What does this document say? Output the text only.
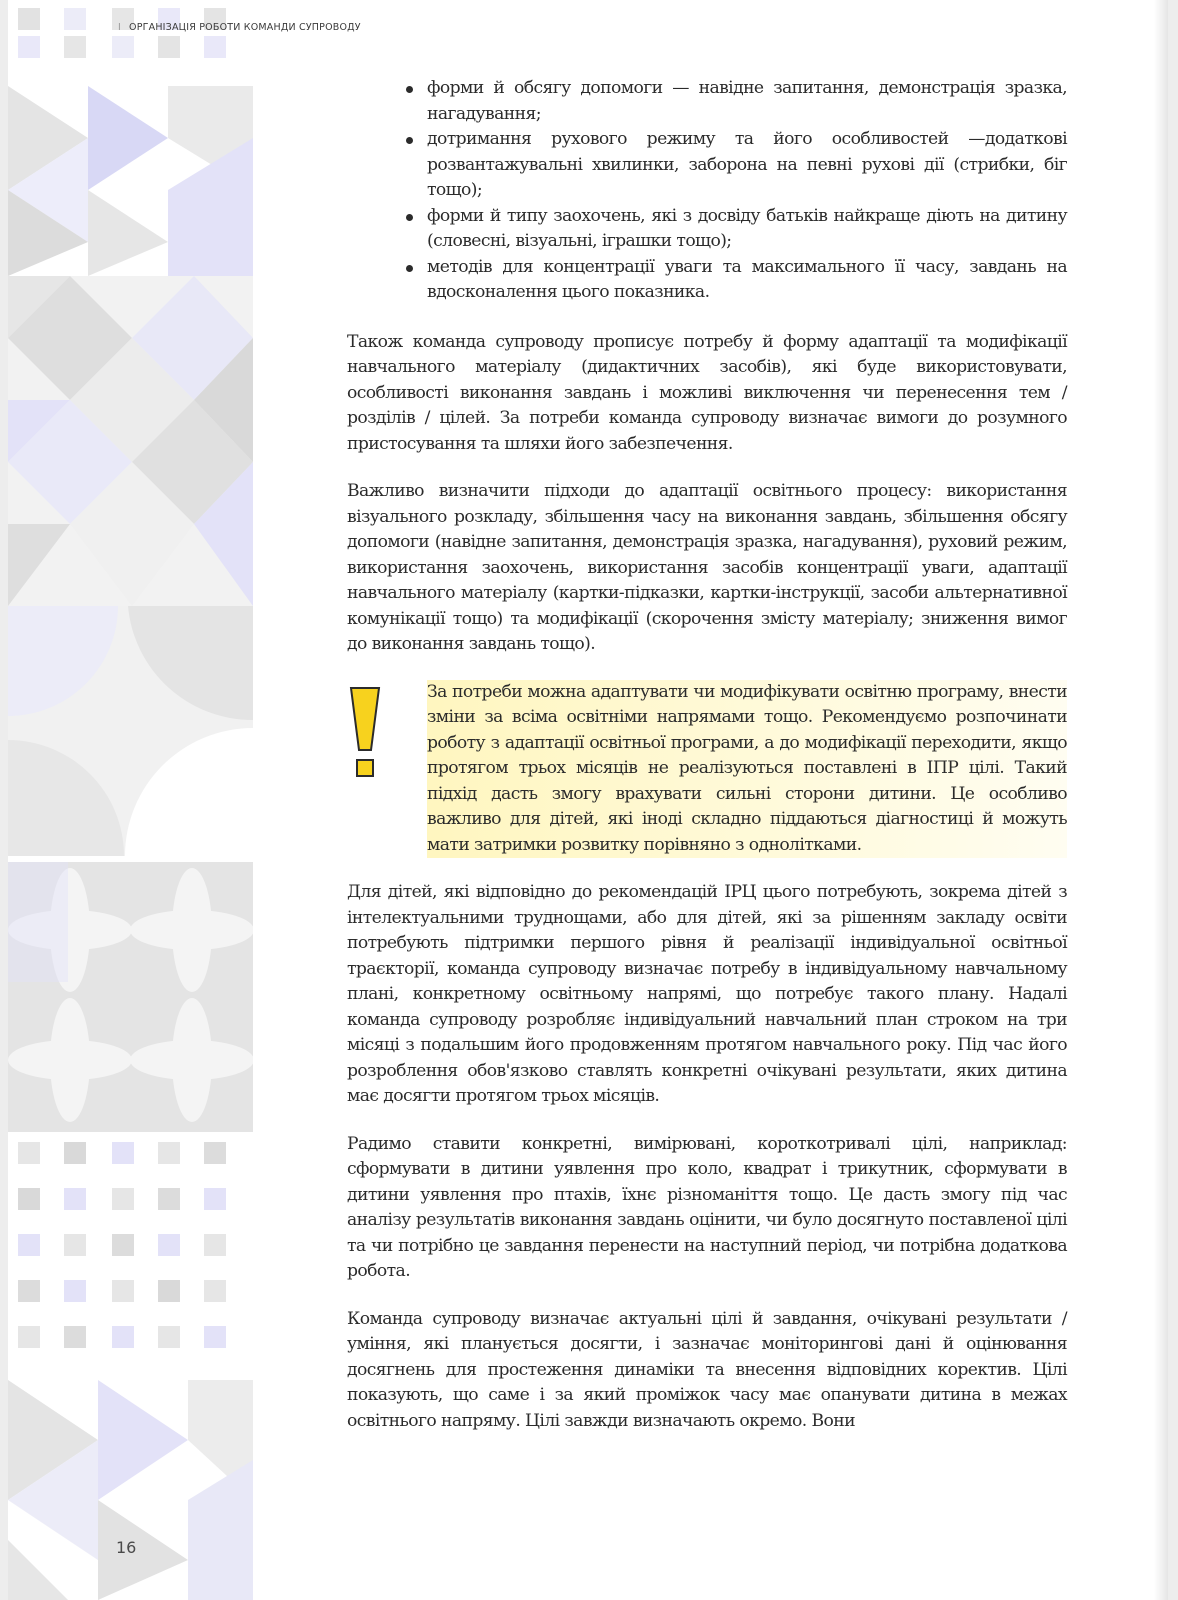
I ОРГАНІЗАЦІЯ РОБОТИ КОМАНДИ СУПРОВОДУ
форми й обсягу допомоги — навідне запитання, демонстрація зразка, нагадування;
дотримання рухового режиму та його особливостей —додаткові розвантажувальні хвилинки, заборона на певні рухові дії (стрибки, біг тощо);
форми й типу заохочень, які з досвіду батьків найкраще діють на дитину (словесні, візуальні, іграшки тощо);
методів для концентрації уваги та максимального її часу, завдань на вдосконалення цього показника.

Також команда супроводу прописує потребу й форму адаптації та модифікації навчального матеріалу (дидактичних засобів), які буде використовувати, особливості виконання завдань і можливі виключення чи перенесення тем / розділів / цілей. За потреби команда супроводу визначає вимоги до розумного пристосування та шляхи його забезпечення.

Важливо визначити підходи до адаптації освітнього процесу: використання візуального розкладу, збільшення часу на виконання завдань, збільшення обсягу допомоги (навідне запитання, демонстрація зразка, нагадування), руховий режим, використання заохочень, використання засобів концентрації уваги, адаптації навчального матеріалу (картки-підказки, картки-інструкції, засоби альтернативної комунікації тощо) та модифікації (скорочення змісту матеріалу; зниження вимог до виконання завдань тощо).

За потреби можна адаптувати чи модифікувати освітню програму, внести зміни за всіма освітніми напрямами тощо. Рекомендуємо розпочинати роботу з адаптації освітньої програми, а до модифікації переходити, якщо протягом трьох місяців не реалізуються поставлені в ІПР цілі. Такий підхід дасть змогу врахувати сильні сторони дитини. Це особливо важливо для дітей, які іноді складно піддаються діагностиці й можуть мати затримки розвитку порівняно з однолітками.

Для дітей, які відповідно до рекомендацій ІРЦ цього потребують, зокрема дітей з інтелектуальними труднощами, або для дітей, які за рішенням закладу освіти потребують підтримки першого рівня й реалізації індивідуальної освітньої траєкторії, команда супроводу визначає потребу в індивідуальному навчальному плані, конкретному освітньому напрямі, що потребує такого плану. Надалі команда супроводу розробляє індивідуальний навчальний план строком на три місяці з подальшим його продовженням протягом навчального року. Під час його розроблення обов'язково ставлять конкретні очікувані результати, яких дитина має досягти протягом трьох місяців.

Радимо ставити конкретні, вимірювані, короткотривалі цілі, наприклад: сформувати в дитини уявлення про коло, квадрат і трикутник, сформувати в дитини уявлення про птахів, їхнє різноманіття тощо. Це дасть змогу під час аналізу результатів виконання завдань оцінити, чи було досягнуто поставленої цілі та чи потрібно це завдання перенести на наступний період, чи потрібна додаткова робота.

Команда супроводу визначає актуальні цілі й завдання, очікувані результати / уміння, які планується досягти, і зазначає моніторингові дані й оцінювання досягнень для простеження динаміки та внесення відповідних коректив. Цілі показують, що саме і за який проміжок часу має опанувати дитина в межах освітнього напряму. Цілі завжди визначають окремо. Вони

16
